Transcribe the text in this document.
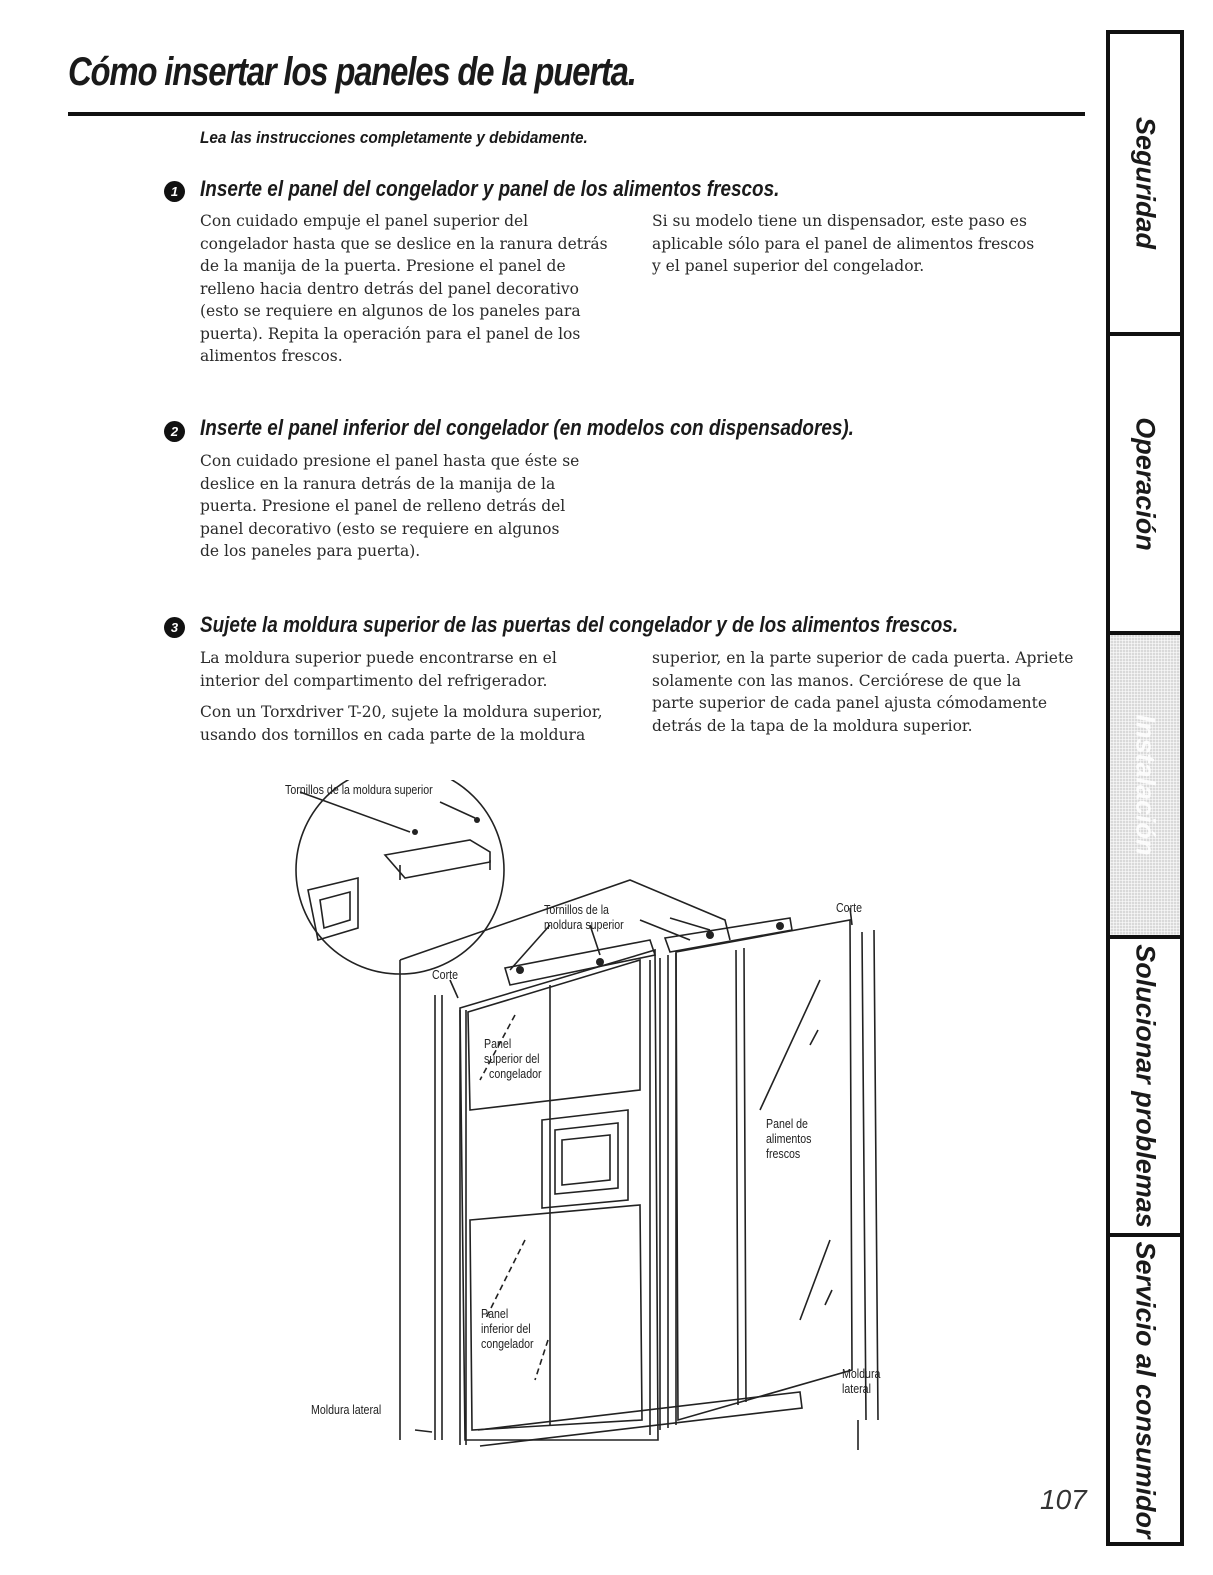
Cómo insertar los paneles de la puerta.
Lea las instrucciones completamente y debidamente.
1 Inserte el panel del congelador y panel de los alimentos frescos.

Con cuidado empuje el panel superior del

congelador hasta que se deslice en la ranura detrás

de la manija de la puerta. Presione el panel de

relleno hacia dentro detrás del panel decorativo

(esto se requiere en algunos de los paneles para

puerta). Repita la operación para el panel de los

alimentos frescos.

Si su modelo tiene un dispensador, este paso es

aplicable sólo para el panel de alimentos frescos

y el panel superior del congelador.

2 Inserte el panel inferior del congelador (en modelos con dispensadores).

Con cuidado presione el panel hasta que éste se

deslice en la ranura detrás de la manija de la

puerta. Presione el panel de relleno detrás del

panel decorativo (esto se requiere en algunos

de los paneles para puerta).

3 Sujete la moldura superior de las puertas del congelador y de los alimentos frescos.

La moldura superior puede encontrarse en el

interior del compartimento del refrigerador.

Con un Torxdriver T-20, sujete la moldura superior,

usando dos tornillos en cada parte de la moldura

superior, en la parte superior de cada puerta. Apriete

solamente con las manos. Cerciórese de que la

parte superior de cada panel ajusta cómodamente

detrás de la tapa de la moldura superior.

Tornillos de la moldura superior
Tornillos de la
moldura superior
Corte
Corte
Panel
superior del
congelador
Panel de
alimentos
frescos
Panel
inferior del
congelador
Moldura lateral
Moldura
lateral
Seguridad
Operación
Instalación
Solucionar problemas
Servicio al consumidor
107
